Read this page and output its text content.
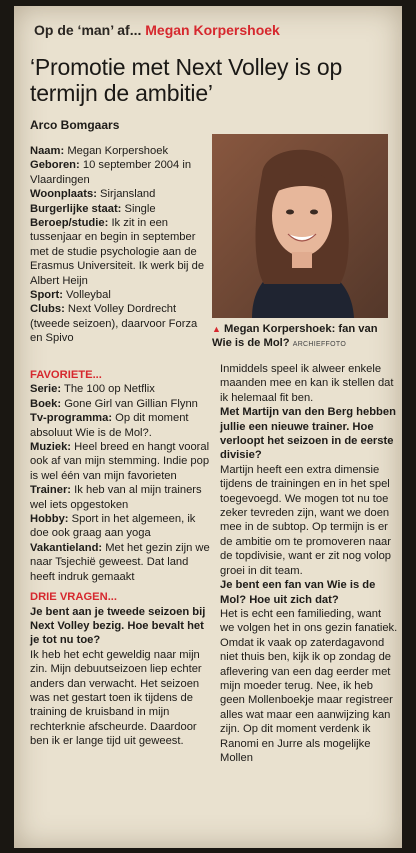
Op de ‘man’ af... Megan Korpershoek
‘Promotie met Next Volley is op termijn de ambitie’
Arco Bomgaars

Naam: Megan Korpershoek

Geboren: 10 september 2004 in Vlaardingen

Woonplaats: Sirjansland

Burgerlijke staat: Single

Beroep/studie: Ik zit in een tussenjaar en begin in september met de studie psychologie aan de Erasmus Universiteit. Ik werk bij de Albert Heijn

Sport: Volleybal

Clubs: Next Volley Dordrecht (tweede seizoen), daarvoor Forza en Spivo

▲ Megan Korpershoek: fan van Wie is de Mol? ARCHIEFFOTO

FAVORIETE...

Serie: The 100 op Netflix

Boek: Gone Girl van Gillian Flynn

Tv-programma: Op dit moment absoluut Wie is de Mol?.

Muziek: Heel breed en hangt vooral ook af van mijn stemming. Indie pop is wel één van mijn favorieten

Trainer: Ik heb van al mijn trainers wel iets opgestoken

Hobby: Sport in het algemeen, ik doe ook graag aan yoga

Vakantieland: Met het gezin zijn we naar Tsjechië geweest. Dat land heeft indruk gemaakt

DRIE VRAGEN...

Je bent aan je tweede seizoen bij Next Volley bezig. Hoe bevalt het je tot nu toe?

Ik heb het echt geweldig naar mijn zin. Mijn debuutseizoen liep echter anders dan verwacht. Het seizoen was net gestart toen ik tijdens de training de kruisband in mijn rechterknie afscheurde. Daardoor ben ik er lange tijd uit geweest.

Inmiddels speel ik alweer enkele maanden mee en kan ik stellen dat ik helemaal fit ben.

Met Martijn van den Berg hebben jullie een nieuwe trainer. Hoe verloopt het seizoen in de eerste divisie?

Martijn heeft een extra dimensie tijdens de trainingen en in het spel toegevoegd. We mogen tot nu toe zeker tevreden zijn, want we doen mee in de subtop. Op termijn is er de ambitie om te promoveren naar de topdivisie, want er zit nog volop groei in dit team.

Je bent een fan van Wie is de Mol? Hoe uit zich dat?

Het is echt een familieding, want we volgen het in ons gezin fanatiek. Omdat ik vaak op zaterdagavond niet thuis ben, kijk ik op zondag de aflevering van een dag eerder met mijn moeder terug. Nee, ik heb geen Mollenboekje maar registreer alles wat maar een aanwijzing kan zijn. Op dit moment verdenk ik Ranomi en Jurre als mogelijke Mollen
